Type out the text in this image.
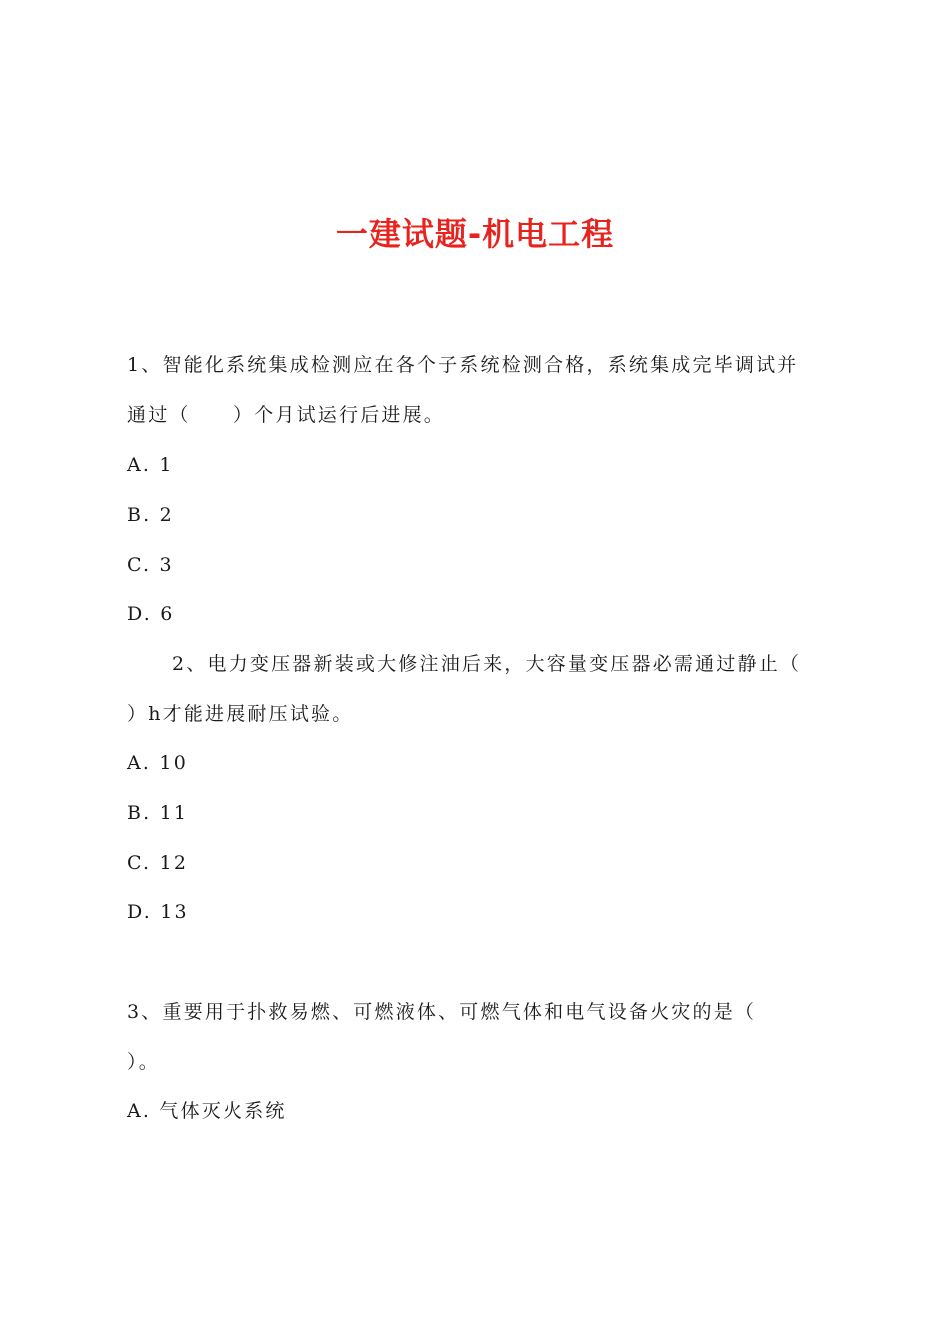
一建试题-机电工程
1、智能化系统集成检测应在各个子系统检测合格，系统集成完毕调试并
通过（　　）个月试运行后进展。
A. 1
B. 2
C. 3
D. 6
2、电力变压器新装或大修注油后来，大容量变压器必需通过静止（
）h才能进展耐压试验。
A. 10
B. 11
C. 12
D. 13
3、重要用于扑救易燃、可燃液体、可燃气体和电气设备火灾的是（
）。
A. 气体灭火系统
